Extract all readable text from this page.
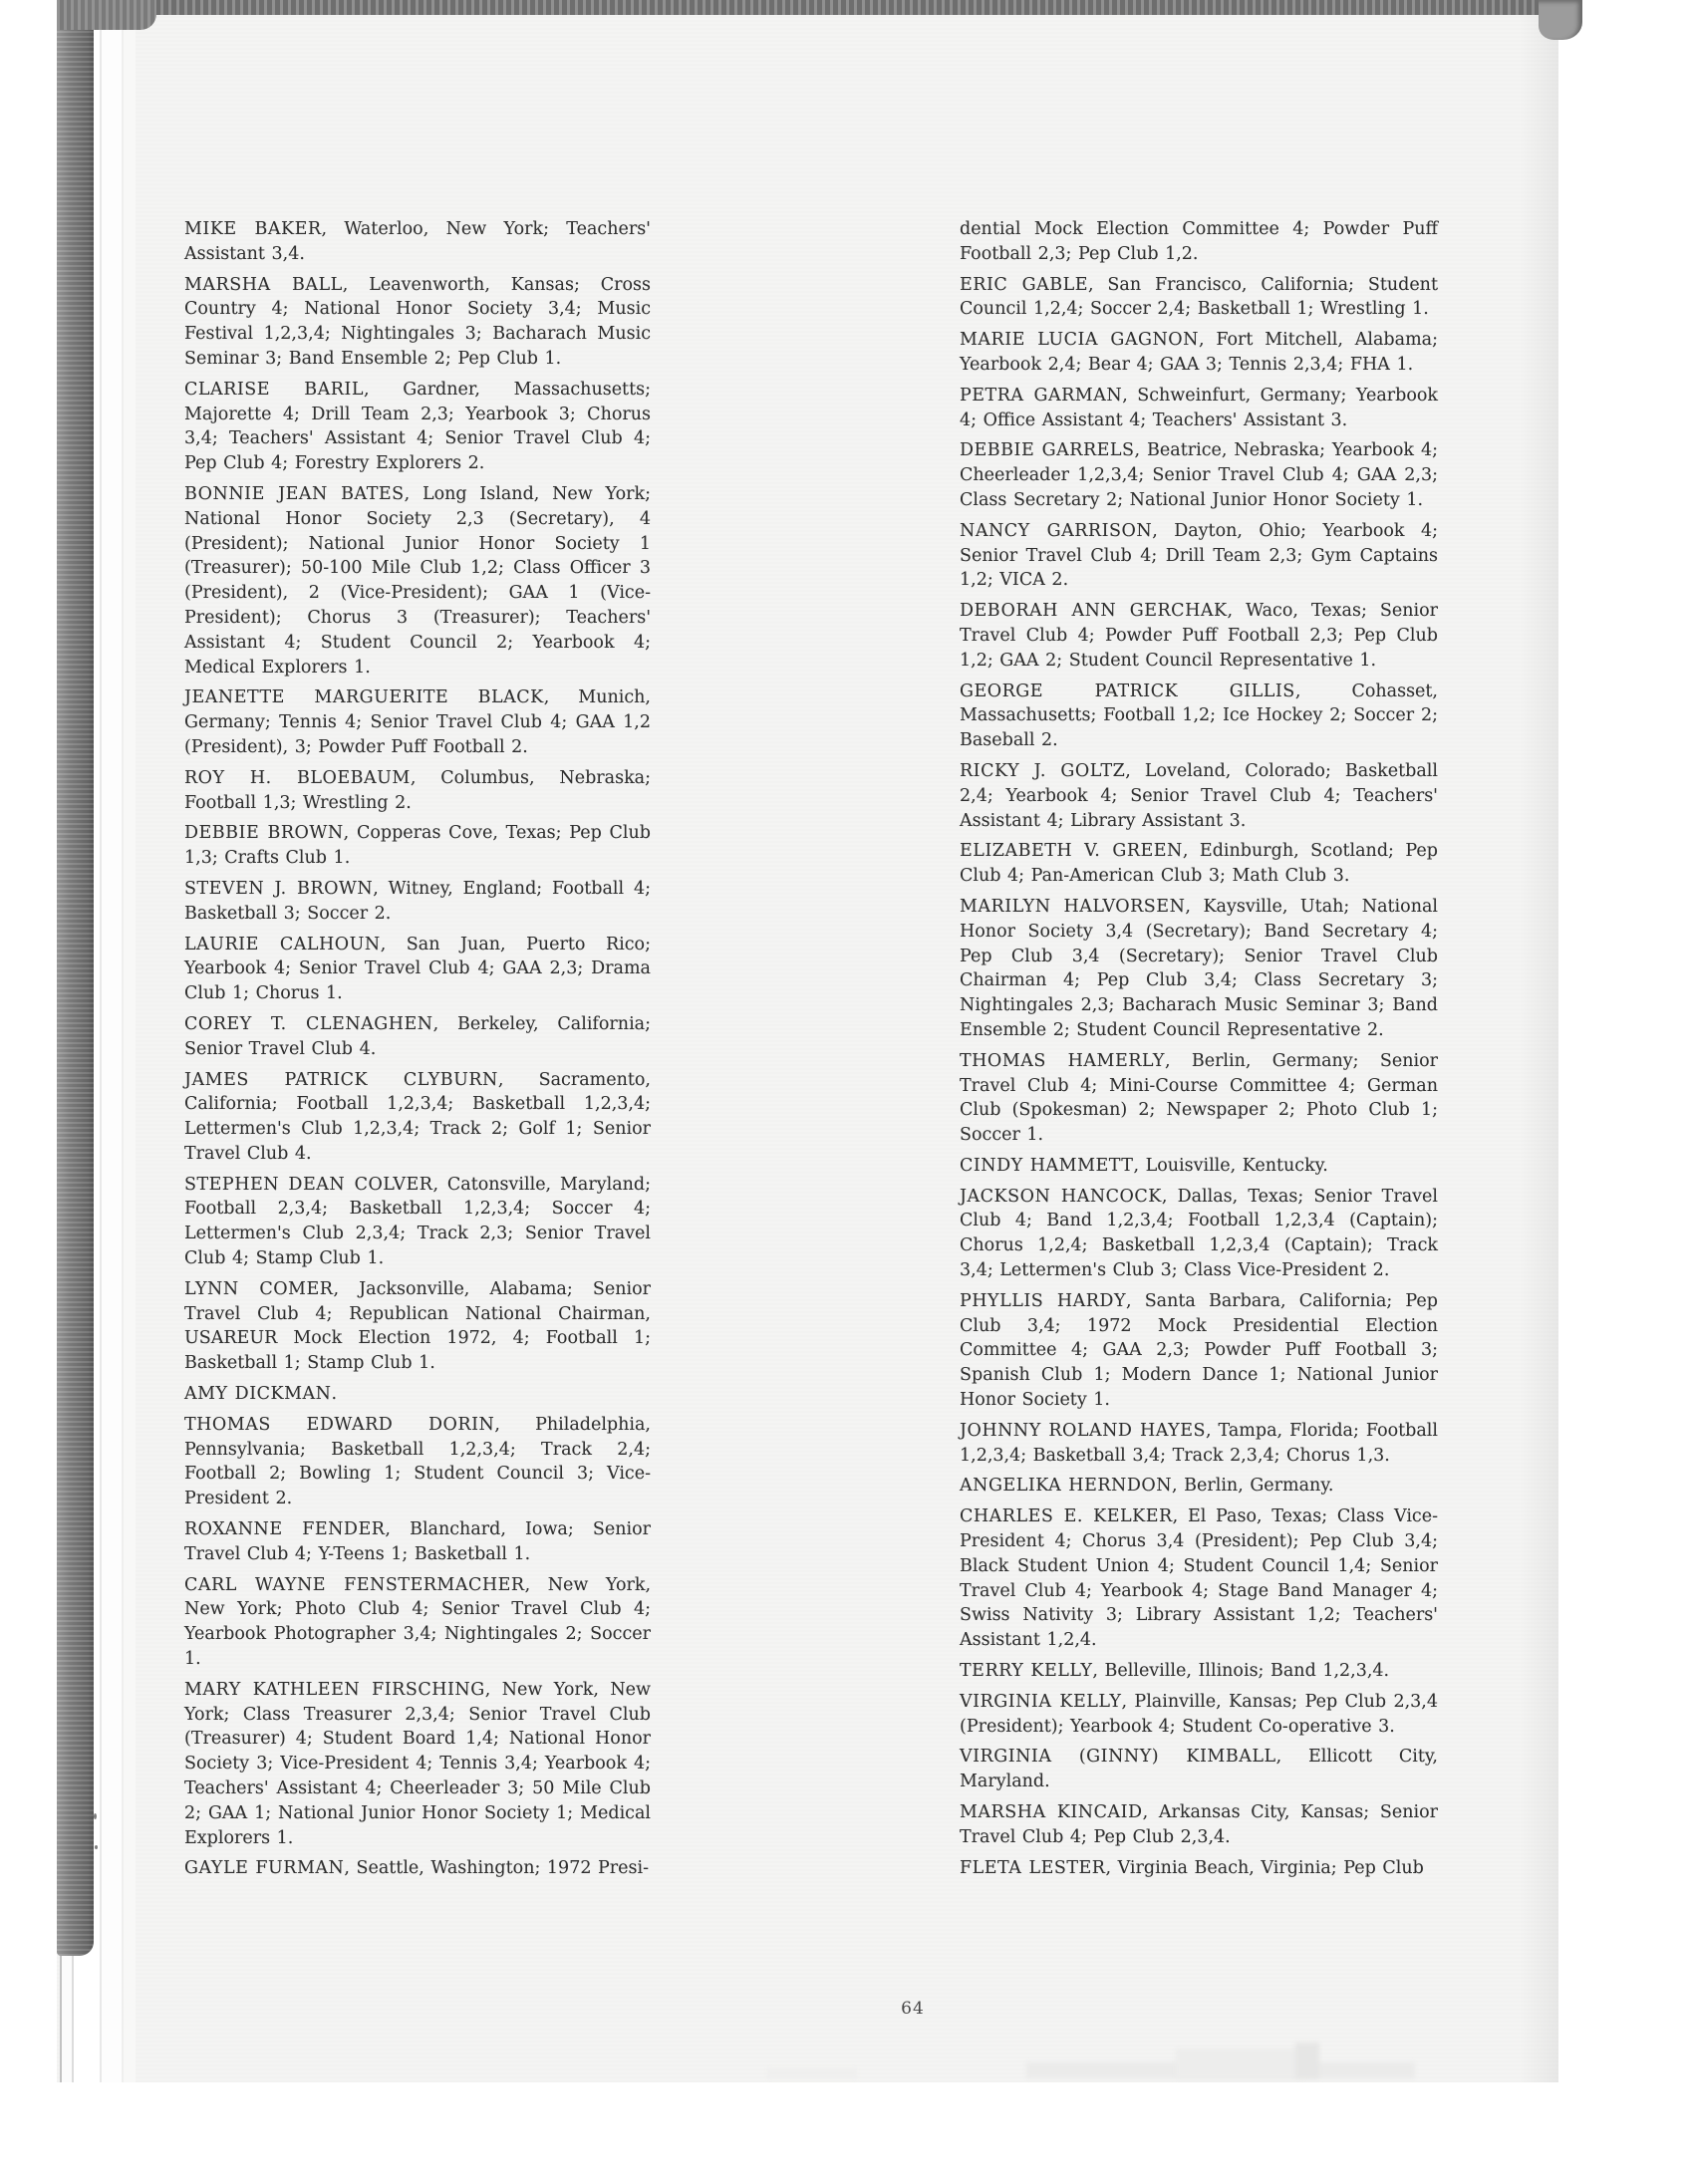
MIKE BAKER, Waterloo, New York; Teachers' Assistant 3,4.

MARSHA BALL, Leavenworth, Kansas; Cross Country 4; National Honor Society 3,4; Music Festival 1,2,3,4; Nightingales 3; Bacharach Music Seminar 3; Band Ensemble 2; Pep Club 1.

CLARISE BARIL, Gardner, Massachusetts; Majorette 4; Drill Team 2,3; Yearbook 3; Chorus 3,4; Teachers' Assistant 4; Senior Travel Club 4; Pep Club 4; Forestry Explorers 2.

BONNIE JEAN BATES, Long Island, New York; National Honor Society 2,3 (Secretary), 4 (President); National Junior Honor Society 1 (Treasurer); 50-100 Mile Club 1,2; Class Officer 3 (President), 2 (Vice-President); GAA 1 (Vice-President); Chorus 3 (Treasurer); Teachers' Assistant 4; Student Council 2; Yearbook 4; Medical Explorers 1.

JEANETTE MARGUERITE BLACK, Munich, Germany; Tennis 4; Senior Travel Club 4; GAA 1,2 (President), 3; Powder Puff Football 2.

ROY H. BLOEBAUM, Columbus, Nebraska; Football 1,3; Wrestling 2.

DEBBIE BROWN, Copperas Cove, Texas; Pep Club 1,3; Crafts Club 1.

STEVEN J. BROWN, Witney, England; Football 4; Basketball 3; Soccer 2.

LAURIE CALHOUN, San Juan, Puerto Rico; Yearbook 4; Senior Travel Club 4; GAA 2,3; Drama Club 1; Chorus 1.

COREY T. CLENAGHEN, Berkeley, California; Senior Travel Club 4.

JAMES PATRICK CLYBURN, Sacramento, California; Football 1,2,3,4; Basketball 1,2,3,4; Lettermen's Club 1,2,3,4; Track 2; Golf 1; Senior Travel Club 4.

STEPHEN DEAN COLVER, Catonsville, Maryland; Football 2,3,4; Basketball 1,2,3,4; Soccer 4; Lettermen's Club 2,3,4; Track 2,3; Senior Travel Club 4; Stamp Club 1.

LYNN COMER, Jacksonville, Alabama; Senior Travel Club 4; Republican National Chairman, USAREUR Mock Election 1972, 4; Football 1; Basketball 1; Stamp Club 1.

AMY DICKMAN.

THOMAS EDWARD DORIN, Philadelphia, Pennsylvania; Basketball 1,2,3,4; Track 2,4; Football 2; Bowling 1; Student Council 3; Vice-President 2.

ROXANNE FENDER, Blanchard, Iowa; Senior Travel Club 4; Y-Teens 1; Basketball 1.

CARL WAYNE FENSTERMACHER, New York, New York; Photo Club 4; Senior Travel Club 4; Yearbook Photographer 3,4; Nightingales 2; Soccer 1.

MARY KATHLEEN FIRSCHING, New York, New York; Class Treasurer 2,3,4; Senior Travel Club (Treasurer) 4; Student Board 1,4; National Honor Society 3; Vice-President 4; Tennis 3,4; Yearbook 4; Teachers' Assistant 4; Cheerleader 3; 50 Mile Club 2; GAA 1; National Junior Honor Society 1; Medical Explorers 1.

GAYLE FURMAN, Seattle, Washington; 1972 Presi-

dential Mock Election Committee 4; Powder Puff Football 2,3; Pep Club 1,2.

ERIC GABLE, San Francisco, California; Student Council 1,2,4; Soccer 2,4; Basketball 1; Wrestling 1.

MARIE LUCIA GAGNON, Fort Mitchell, Alabama; Yearbook 2,4; Bear 4; GAA 3; Tennis 2,3,4; FHA 1.

PETRA GARMAN, Schweinfurt, Germany; Yearbook 4; Office Assistant 4; Teachers' Assistant 3.

DEBBIE GARRELS, Beatrice, Nebraska; Yearbook 4; Cheerleader 1,2,3,4; Senior Travel Club 4; GAA 2,3; Class Secretary 2; National Junior Honor Society 1.

NANCY GARRISON, Dayton, Ohio; Yearbook 4; Senior Travel Club 4; Drill Team 2,3; Gym Captains 1,2; VICA 2.

DEBORAH ANN GERCHAK, Waco, Texas; Senior Travel Club 4; Powder Puff Football 2,3; Pep Club 1,2; GAA 2; Student Council Representative 1.

GEORGE PATRICK GILLIS, Cohasset, Massachusetts; Football 1,2; Ice Hockey 2; Soccer 2; Baseball 2.

RICKY J. GOLTZ, Loveland, Colorado; Basketball 2,4; Yearbook 4; Senior Travel Club 4; Teachers' Assistant 4; Library Assistant 3.

ELIZABETH V. GREEN, Edinburgh, Scotland; Pep Club 4; Pan-American Club 3; Math Club 3.

MARILYN HALVORSEN, Kaysville, Utah; National Honor Society 3,4 (Secretary); Band Secretary 4; Pep Club 3,4 (Secretary); Senior Travel Club Chairman 4; Pep Club 3,4; Class Secretary 3; Nightingales 2,3; Bacharach Music Seminar 3; Band Ensemble 2; Student Council Representative 2.

THOMAS HAMERLY, Berlin, Germany; Senior Travel Club 4; Mini-Course Committee 4; German Club (Spokesman) 2; Newspaper 2; Photo Club 1; Soccer 1.

CINDY HAMMETT, Louisville, Kentucky.

JACKSON HANCOCK, Dallas, Texas; Senior Travel Club 4; Band 1,2,3,4; Football 1,2,3,4 (Captain); Chorus 1,2,4; Basketball 1,2,3,4 (Captain); Track 3,4; Lettermen's Club 3; Class Vice-President 2.

PHYLLIS HARDY, Santa Barbara, California; Pep Club 3,4; 1972 Mock Presidential Election Committee 4; GAA 2,3; Powder Puff Football 3; Spanish Club 1; Modern Dance 1; National Junior Honor Society 1.

JOHNNY ROLAND HAYES, Tampa, Florida; Football 1,2,3,4; Basketball 3,4; Track 2,3,4; Chorus 1,3.

ANGELIKA HERNDON, Berlin, Germany.

CHARLES E. KELKER, El Paso, Texas; Class Vice-President 4; Chorus 3,4 (President); Pep Club 3,4; Black Student Union 4; Student Council 1,4; Senior Travel Club 4; Yearbook 4; Stage Band Manager 4; Swiss Nativity 3; Library Assistant 1,2; Teachers' Assistant 1,2,4.

TERRY KELLY, Belleville, Illinois; Band 1,2,3,4.

VIRGINIA KELLY, Plainville, Kansas; Pep Club 2,3,4 (President); Yearbook 4; Student Co-operative 3.

VIRGINIA (GINNY) KIMBALL, Ellicott City, Maryland.

MARSHA KINCAID, Arkansas City, Kansas; Senior Travel Club 4; Pep Club 2,3,4.

FLETA LESTER, Virginia Beach, Virginia; Pep Club

64
